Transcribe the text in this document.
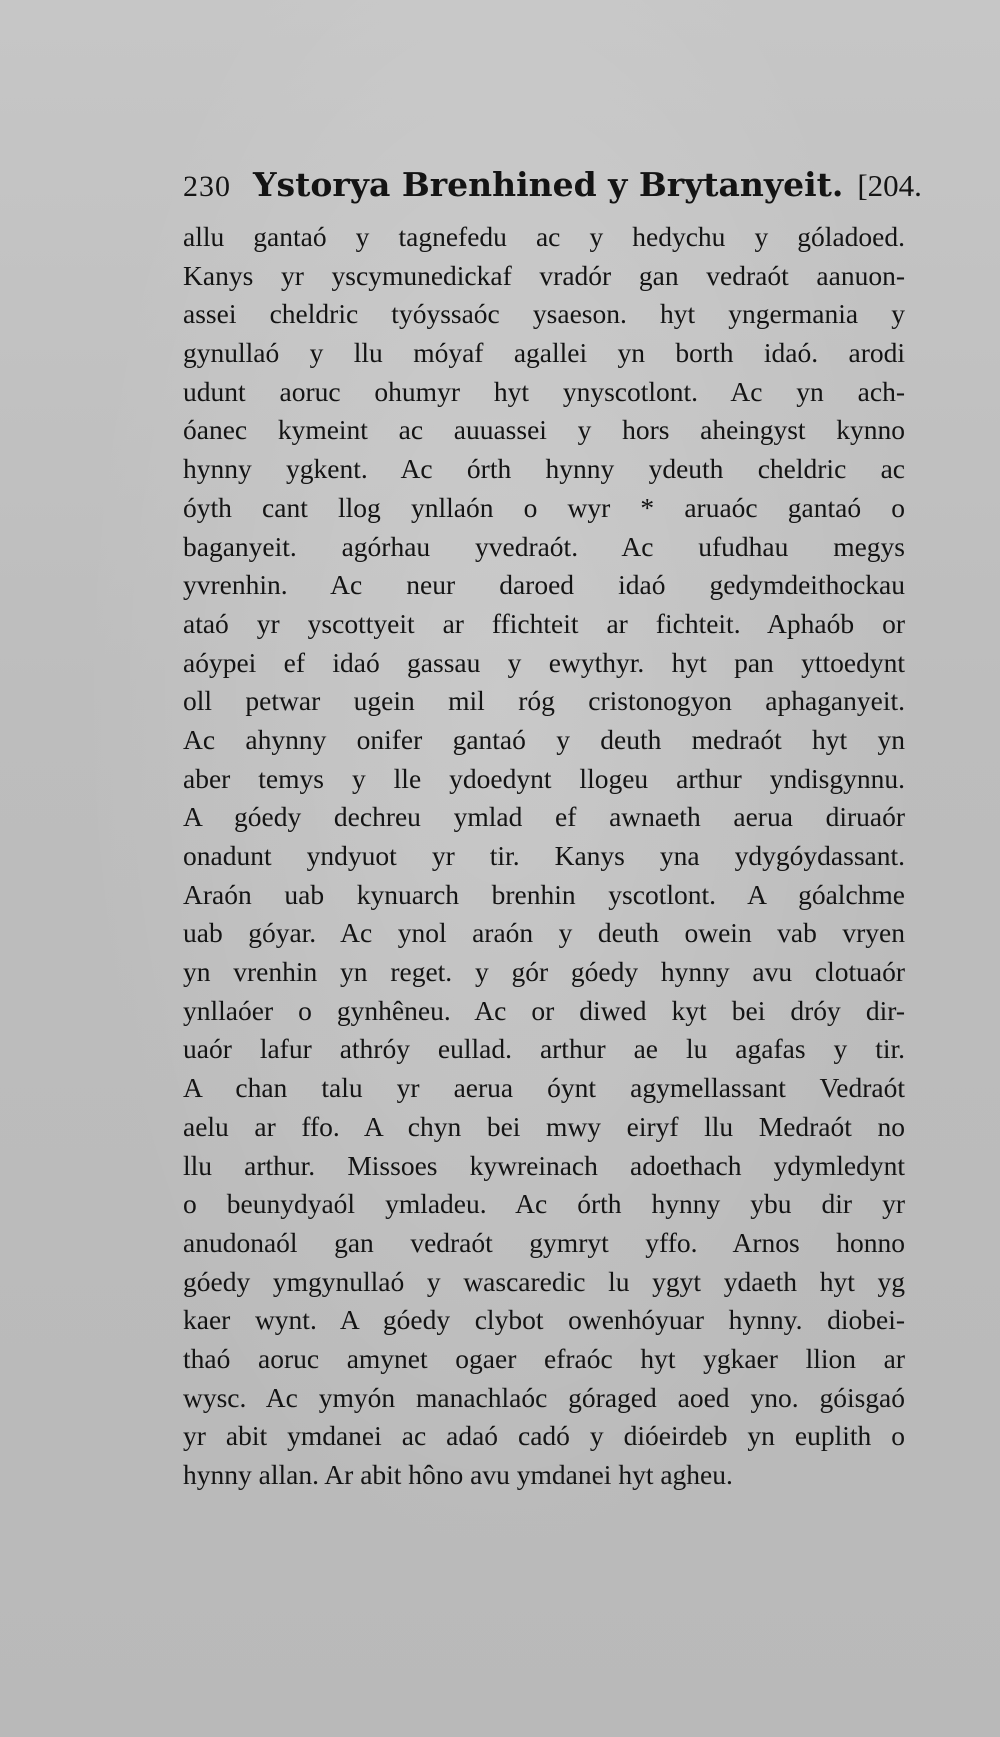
230 Ystorya Brenhined y Brytanyeit. [204.
allu gantaó y tagnefedu ac y hedychu y góladoed.
Kanys yr yscymunedickaf vradór gan vedraót aanuon-
assei cheldric tyóyssaóc ysaeson. hyt yngermania y
gynullaó y llu móyaf agallei yn borth idaó. arodi
udunt aoruc ohumyr hyt ynyscotlont. Ac yn ach-
óanec kymeint ac auuassei y hors aheingyst kynno
hynny ygkent. Ac órth hynny ydeuth cheldric ac
óyth cant llog ynllaón o wyr * aruaóc gantaó o
baganyeit. agórhau yvedraót. Ac ufudhau megys
yvrenhin. Ac neur daroed idaó gedymdeithockau
ataó yr yscottyeit ar ffichteit ar fichteit. Aphaób or
aóypei ef idaó gassau y ewythyr. hyt pan yttoedynt
oll petwar ugein mil róg cristonogyon aphaganyeit.
Ac ahynny onifer gantaó y deuth medraót hyt yn
aber temys y lle ydoedynt llogeu arthur yndisgynnu.
A góedy dechreu ymlad ef awnaeth aerua diruaór
onadunt yndyuot yr tir. Kanys yna ydygóydassant.
Araón uab kynuarch brenhin yscotlont. A góalchme
uab góyar. Ac ynol araón y deuth owein vab vryen
yn vrenhin yn reget. y gór góedy hynny avu clotuaór
ynllaóer o gynhêneu. Ac or diwed kyt bei dróy dir-
uaór lafur athróy eullad. arthur ae lu agafas y tir.
A chan talu yr aerua óynt agymellassant Vedraót
aelu ar ffo. A chyn bei mwy eiryf llu Medraót no
llu arthur. Missoes kywreinach adoethach ydymledynt
o beunydyaól ymladeu. Ac órth hynny ybu dir yr
anudonaól gan vedraót gymryt yffo. Arnos honno
góedy ymgynullaó y wascaredic lu ygyt ydaeth hyt yg
kaer wynt. A góedy clybot owenhóyuar hynny. diobei-
thaó aoruc amynet ogaer efraóc hyt ygkaer llion ar
wysc. Ac ymyón manachlaóc góraged aoed yno. góisgaó
yr abit ymdanei ac adaó cadó y dióeirdeb yn euplith o
hynny allan. Ar abit hôno avu ymdanei hyt agheu.
